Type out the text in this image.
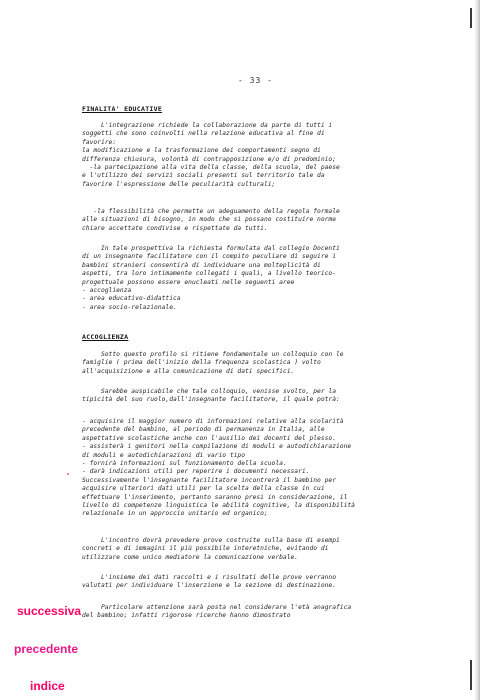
- 33 -
FINALITA' EDUCATIVE
L'integrazione richiede la collaborazione da parte di tutti i
soggetti che sono coinvolti nella relazione educativa al fine di
favorire:
la modificazione e la trasformazione dei comportamenti segno di
differenza chiusura, volontà di contrapposizione e/o di predominio;
-la partecipazione alla vita della classe, della scuola, del paese
e l'utilizzo dei servizi sociali presenti sul territorio tale da
favorire l'espressione delle peculiarità culturali;
-la flessibilità che permette un adeguamento della regola formale
alle situazioni di bisogno, in modo che si possano costituire norme
chiare accettate condivise e rispettate da tutti.
In tale prospettiva la richiesta formulata dal collegio Docenti
di un insegnante facilitatore con il compito peculiare di seguire i
bambini stranieri consentirà di individuare una molteplicità di
aspetti, tra loro intimamente collegati i quali, a livello teorico-
progettuale possono essere enucleati nelle seguenti aree
- accoglienza
- area educativo-didattica
- area socio-relazionale.
ACCOGLIENZA
Sotto questo profilo si ritiene fondamentale un colloquio con le
famiglie ( prima dell'inizio della frequenza scolastica ) volto
all'acquisizione e alla comunicazione di dati specifici.
Sarebbe auspicabile che tale colloquio, venisse svolto, per la
tipicità del suo ruolo,dall'insegnante facilitatore, il quale potrà:
- acquisire il maggior numero di informazioni relative alla scolarità
precedente del bambino, al periodo di permanenza in Italia, alle
aspettative scolastiche anche con l'ausilio dei docenti del plesso.
- assisterà i genitori nella compilazione di moduli e autodichiarazione
di moduli e autodichiarazioni di vario tipo
- fornirà informazioni sul funzionamento della scuola.
- darà indicazioni utili per reperire i documenti necessari.
Successivamente l'insegnante facilitatore incontrerà il bambino per
acquisire ulteriori dati utili per la scelta della classe in cui
effettuare l'inserimento, pertanto saranno presi in considerazione, il
livello di competenze linguistica le abilità cognitive, la disponibilità
relazionale in un approccio unitario ed organico;
L'incontro dovrà prevedere prove costruite sulla base di esempi
concreti e di immagini il più possibile interetniche, evitando di
utilizzare come unico mediatore la comunicazione verbale.
L'insieme dei dati raccolti e i risultati delle prove verranno
valutati per individuare l'inserzione e la sezione di destinazione.
Particolare attenzione sarà posta nel considerare l'età anagrafica
del bambino; infatti rigorose ricerche hanno dimostrato
successiva
precedente
indice
